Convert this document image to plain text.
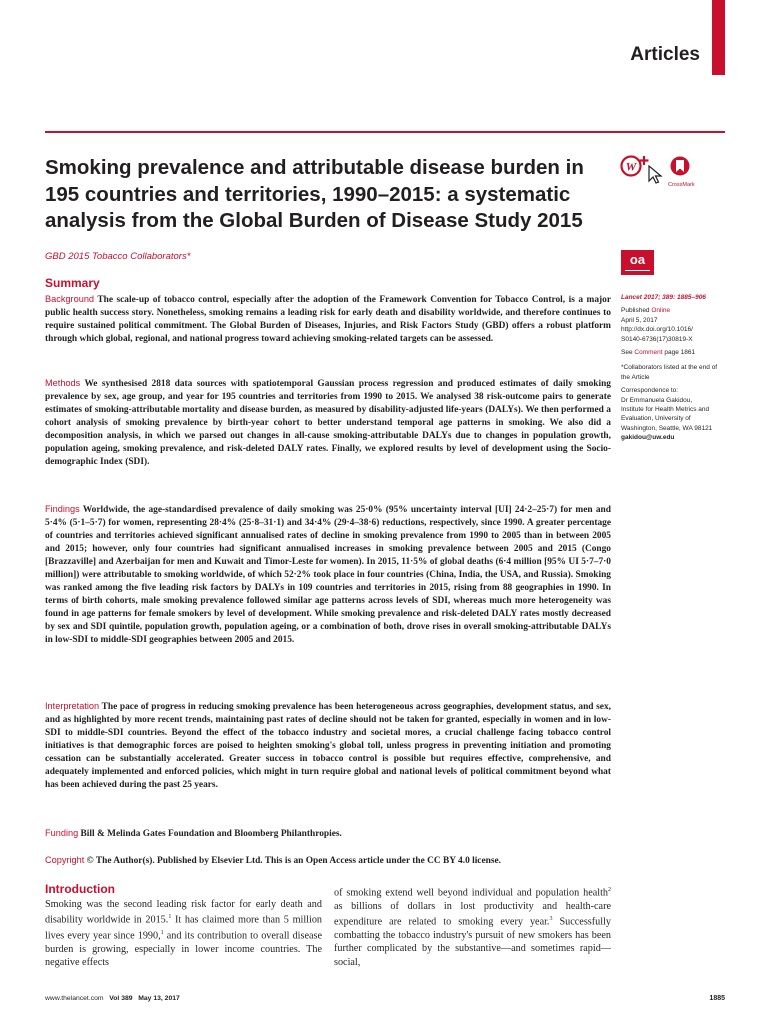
Articles
Smoking prevalence and attributable disease burden in 195 countries and territories, 1990–2015: a systematic analysis from the Global Burden of Disease Study 2015
GBD 2015 Tobacco Collaborators*
W
CrossMark
oa
Summary

Background The scale-up of tobacco control, especially after the adoption of the Framework Convention for Tobacco Control, is a major public health success story. Nonetheless, smoking remains a leading risk for early death and disability worldwide, and therefore continues to require sustained political commitment. The Global Burden of Diseases, Injuries, and Risk Factors Study (GBD) offers a robust platform through which global, regional, and national progress toward achieving smoking-related targets can be assessed.

Methods We synthesised 2818 data sources with spatiotemporal Gaussian process regression and produced estimates of daily smoking prevalence by sex, age group, and year for 195 countries and territories from 1990 to 2015. We analysed 38 risk-outcome pairs to generate estimates of smoking-attributable mortality and disease burden, as measured by disability-adjusted life-years (DALYs). We then performed a cohort analysis of smoking prevalence by birth-year cohort to better understand temporal age patterns in smoking. We also did a decomposition analysis, in which we parsed out changes in all-cause smoking-attributable DALYs due to changes in population growth, population ageing, smoking prevalence, and risk-deleted DALY rates. Finally, we explored results by level of development using the Socio-demographic Index (SDI).

Findings Worldwide, the age-standardised prevalence of daily smoking was 25·0% (95% uncertainty interval [UI] 24·2–25·7) for men and 5·4% (5·1–5·7) for women, representing 28·4% (25·8–31·1) and 34·4% (29·4–38·6) reductions, respectively, since 1990. A greater percentage of countries and territories achieved significant annualised rates of decline in smoking prevalence from 1990 to 2005 than in between 2005 and 2015; however, only four countries had significant annualised increases in smoking prevalence between 2005 and 2015 (Congo [Brazzaville] and Azerbaijan for men and Kuwait and Timor-Leste for women). In 2015, 11·5% of global deaths (6·4 million [95% UI 5·7–7·0 million]) were attributable to smoking worldwide, of which 52·2% took place in four countries (China, India, the USA, and Russia). Smoking was ranked among the five leading risk factors by DALYs in 109 countries and territories in 2015, rising from 88 geographies in 1990. In terms of birth cohorts, male smoking prevalence followed similar age patterns across levels of SDI, whereas much more heterogeneity was found in age patterns for female smokers by level of development. While smoking prevalence and risk-deleted DALY rates mostly decreased by sex and SDI quintile, population growth, population ageing, or a combination of both, drove rises in overall smoking-attributable DALYs in low-SDI to middle-SDI geographies between 2005 and 2015.

Interpretation The pace of progress in reducing smoking prevalence has been heterogeneous across geographies, development status, and sex, and as highlighted by more recent trends, maintaining past rates of decline should not be taken for granted, especially in women and in low-SDI to middle-SDI countries. Beyond the effect of the tobacco industry and societal mores, a crucial challenge facing tobacco control initiatives is that demographic forces are poised to heighten smoking's global toll, unless progress in preventing initiation and promoting cessation can be substantially accelerated. Greater success in tobacco control is possible but requires effective, comprehensive, and adequately implemented and enforced policies, which might in turn require global and national levels of political commitment beyond what has been achieved during the past 25 years.

Funding Bill & Melinda Gates Foundation and Bloomberg Philanthropies.

Copyright © The Author(s). Published by Elsevier Ltd. This is an Open Access article under the CC BY 4.0 license.

Lancet 2017; 389: 1885–906

Published Online

April 5, 2017

http://dx.doi.org/10.1016/

S0140-6736(17)30819-X

See Comment page 1861

*Collaborators listed at the end of the Article

Correspondence to:

Dr Emmanuela Gakidou,

Institute for Health Metrics and Evaluation, University of Washington, Seattle, WA 98121

gakidou@uw.edu

Introduction

Smoking was the second leading risk factor for early death and disability worldwide in 2015.$^1$ It has claimed more than 5 million lives every year since 1990,$^1$ and its contribution to overall disease burden is growing, especially in lower income countries. The negative effects

of smoking extend well beyond individual and population health$^2$ as billions of dollars in lost productivity and health-care expenditure are related to smoking every year.$^3$ Successfully combatting the tobacco industry's pursuit of new smokers has been further complicated by the substantive—and sometimes rapid—social,

www.thelancet.com Vol 389 May 13, 2017	1885
